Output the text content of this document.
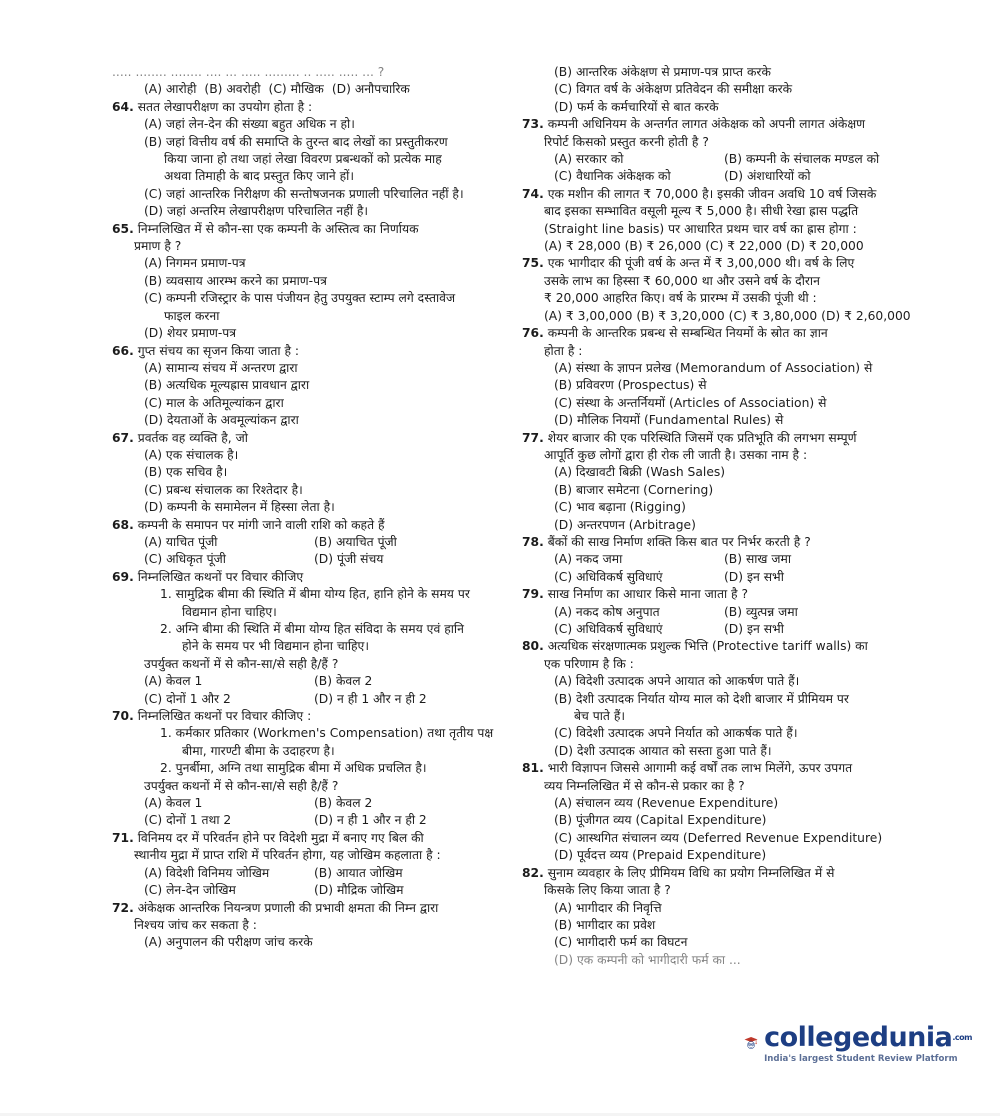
..... ........ ........ .... ... ..... ......... .. ..... ..... ... ?
(A) आरोही (B) अवरोही (C) मौखिक (D) अनौपचारिक
64. सतत लेखापरीक्षण का उपयोग होता है :
(A) जहां लेन-देन की संख्या बहुत अधिक न हो।
(B) जहां वित्तीय वर्ष की समाप्ति के तुरन्त बाद लेखों का प्रस्तुतीकरण
किया जाना हो तथा जहां लेखा विवरण प्रबन्धकों को प्रत्येक माह
अथवा तिमाही के बाद प्रस्तुत किए जाने हों।
(C) जहां आन्तरिक निरीक्षण की सन्तोषजनक प्रणाली परिचालित नहीं है।
(D) जहां अन्तरिम लेखापरीक्षण परिचालित नहीं है।
65. निम्नलिखित में से कौन-सा एक कम्पनी के अस्तित्व का निर्णायक
प्रमाण है ?
(A) निगमन प्रमाण-पत्र
(B) व्यवसाय आरम्भ करने का प्रमाण-पत्र
(C) कम्पनी रजिस्ट्रार के पास पंजीयन हेतु उपयुक्त स्टाम्प लगे दस्तावेज
फाइल करना
(D) शेयर प्रमाण-पत्र
66. गुप्त संचय का सृजन किया जाता है :
(A) सामान्य संचय में अन्तरण द्वारा
(B) अत्यधिक मूल्यह्रास प्रावधान द्वारा
(C) माल के अतिमूल्यांकन द्वारा
(D) देयताओं के अवमूल्यांकन द्वारा
67. प्रवर्तक वह व्यक्ति है, जो
(A) एक संचालक है।
(B) एक सचिव है।
(C) प्रबन्ध संचालक का रिश्तेदार है।
(D) कम्पनी के समामेलन में हिस्सा लेता है।
68. कम्पनी के समापन पर मांगी जाने वाली राशि को कहते हैं
(A) याचित पूंजी	(B) अयाचित पूंजी
(C) अधिकृत पूंजी	(D) पूंजी संचय
69. निम्नलिखित कथनों पर विचार कीजिए
1. सामुद्रिक बीमा की स्थिति में बीमा योग्य हित, हानि होने के समय पर
विद्यमान होना चाहिए।
2. अग्नि बीमा की स्थिति में बीमा योग्य हित संविदा के समय एवं हानि
होने के समय पर भी विद्यमान होना चाहिए।
उपर्युक्त कथनों में से कौन-सा/से सही है/हैं ?
(A) केवल 1	(B) केवल 2
(C) दोनों 1 और 2	(D) न ही 1 और न ही 2
70. निम्नलिखित कथनों पर विचार कीजिए :
1. कर्मकार प्रतिकार (Workmen's Compensation) तथा तृतीय पक्ष
बीमा, गारण्टी बीमा के उदाहरण है।
2. पुनर्बीमा, अग्नि तथा सामुद्रिक बीमा में अधिक प्रचलित है।
उपर्युक्त कथनों में से कौन-सा/से सही है/हैं ?
(A) केवल 1	(B) केवल 2
(C) दोनों 1 तथा 2	(D) न ही 1 और न ही 2
71. विनिमय दर में परिवर्तन होने पर विदेशी मुद्रा में बनाए गए बिल की
स्थानीय मुद्रा में प्राप्त राशि में परिवर्तन होगा, यह जोखिम कहलाता है :
(A) विदेशी विनिमय जोखिम	(B) आयात जोखिम
(C) लेन-देन जोखिम	(D) मौद्रिक जोखिम
72. अंकेक्षक आन्तरिक नियन्त्रण प्रणाली की प्रभावी क्षमता की निम्न द्वारा
निश्चय जांच कर सकता है :
(A) अनुपालन की परीक्षण जांच करके
(B) आन्तरिक अंकेक्षण से प्रमाण-पत्र प्राप्त करके
(C) विगत वर्ष के अंकेक्षण प्रतिवेदन की समीक्षा करके
(D) फर्म के कर्मचारियों से बात करके
73. कम्पनी अधिनियम के अन्तर्गत लागत अंकेक्षक को अपनी लागत अंकेक्षण
रिपोर्ट किसको प्रस्तुत करनी होती है ?
(A) सरकार को	(B) कम्पनी के संचालक मण्डल को
(C) वैधानिक अंकेक्षक को	(D) अंशधारियों को
74. एक मशीन की लागत ₹ 70,000 है। इसकी जीवन अवधि 10 वर्ष जिसके
बाद इसका सम्भावित वसूली मूल्य ₹ 5,000 है। सीधी रेखा ह्रास पद्धति
(Straight line basis) पर आधारित प्रथम चार वर्ष का ह्रास होगा :
(A) ₹ 28,000 (B) ₹ 26,000 (C) ₹ 22,000 (D) ₹ 20,000
75. एक भागीदार की पूंजी वर्ष के अन्त में ₹ 3,00,000 थी। वर्ष के लिए
उसके लाभ का हिस्सा ₹ 60,000 था और उसने वर्ष के दौरान
₹ 20,000 आहरित किए। वर्ष के प्रारम्भ में उसकी पूंजी थी :
(A) ₹ 3,00,000 (B) ₹ 3,20,000 (C) ₹ 3,80,000 (D) ₹ 2,60,000
76. कम्पनी के आन्तरिक प्रबन्ध से सम्बन्धित नियमों के स्रोत का ज्ञान
होता है :
(A) संस्था के ज्ञापन प्रलेख (Memorandum of Association) से
(B) प्रविवरण (Prospectus) से
(C) संस्था के अन्तर्नियमों (Articles of Association) से
(D) मौलिक नियमों (Fundamental Rules) से
77. शेयर बाजार की एक परिस्थिति जिसमें एक प्रतिभूति की लगभग सम्पूर्ण
आपूर्ति कुछ लोगों द्वारा ही रोक ली जाती है। उसका नाम है :
(A) दिखावटी बिक्री (Wash Sales)
(B) बाजार समेटना (Cornering)
(C) भाव बढ़ाना (Rigging)
(D) अन्तरपणन (Arbitrage)
78. बैंकों की साख निर्माण शक्ति किस बात पर निर्भर करती है ?
(A) नकद जमा	(B) साख जमा
(C) अधिविकर्ष सुविधाएं	(D) इन सभी
79. साख निर्माण का आधार किसे माना जाता है ?
(A) नकद कोष अनुपात	(B) व्युत्पन्न जमा
(C) अधिविकर्ष सुविधाएं	(D) इन सभी
80. अत्यधिक संरक्षणात्मक प्रशुल्क भित्ति (Protective tariff walls) का
एक परिणाम है कि :
(A) विदेशी उत्पादक अपने आयात को आकर्षण पाते हैं।
(B) देशी उत्पादक निर्यात योग्य माल को देशी बाजार में प्रीमियम पर
बेच पाते हैं।
(C) विदेशी उत्पादक अपने निर्यात को आकर्षक पाते हैं।
(D) देशी उत्पादक आयात को सस्ता हुआ पाते हैं।
81. भारी विज्ञापन जिससे आगामी कई वर्षों तक लाभ मिलेंगे, ऊपर उपगत
व्यय निम्नलिखित में से कौन-से प्रकार का है ?
(A) संचालन व्यय (Revenue Expenditure)
(B) पूंजीगत व्यय (Capital Expenditure)
(C) आस्थगित संचालन व्यय (Deferred Revenue Expenditure)
(D) पूर्वदत्त व्यय (Prepaid Expenditure)
82. सुनाम व्यवहार के लिए प्रीमियम विधि का प्रयोग निम्नलिखित में से
किसके लिए किया जाता है ?
(A) भागीदार की निवृत्ति
(B) भागीदार का प्रवेश
(C) भागीदारी फर्म का विघटन
(D) एक कम्पनी को भागीदारी फर्म का ...
collegedunia$^{.com}$
India's largest Student Review Platform
